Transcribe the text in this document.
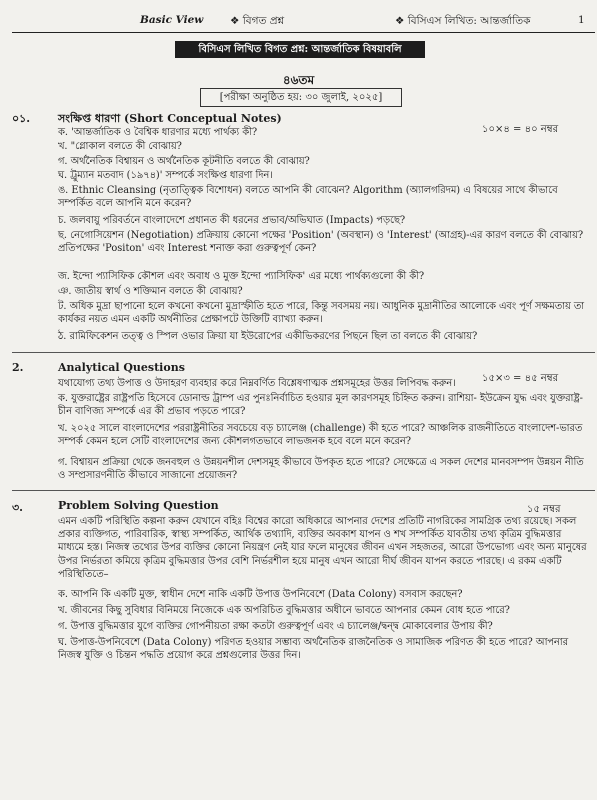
Basic View	❖ বিগত প্রশ্ন	❖ বিসিএস লিখিত: আন্তর্জাতিক	1
বিসিএস লিখিত বিগত প্রশ্ন: আন্তর্জাতিক বিষয়াবলি
৪৬তম
[পরীক্ষা অনুষ্ঠিত হয়: ৩০ জুলাই, ২০২৫]
০১.	সংক্ষিপ্ত ধারণা (Short Conceptual Notes)
১০×৪ = ৪০ নম্বর
ক. 'আন্তর্জাতিক ও বৈশ্বিক ধারণার মধ্যে পার্থক্য কী?
খ. "গ্লোকাল বলতে কী বোঝায়?
গ. অর্থনৈতিক বিশ্বায়ন ও অর্থনৈতিক কূটনীতি বলতে কী বোঝায়?
ঘ. ট্রুম্যান মতবাদ (১৯৭৪)' সম্পর্কে সংক্ষিপ্ত ধারণা দিন।
ঙ. Ethnic Cleansing (নৃতাত্ত্বিক বিশোধন) বলতে আপনি কী বোঝেন? Algorithm (অ্যালগরিদম) এ বিষয়ের সাথে কীভাবে সম্পর্কিত বলে আপনি মনে করেন?
চ. জলবায়ু পরিবর্তনে বাংলাদেশে প্রধানত কী ধরনের প্রভাব/অভিঘাত (Impacts) পড়ছে?
ছ. নেগোসিয়েশন (Negotiation) প্রক্রিয়ায় কোনো পক্ষের 'Position' (অবস্থান) ও 'Interest' (আগ্রহ)-এর কারণ বলতে কী বোঝায়? প্রতিপক্ষের 'Positon' এবং Interest শনাক্ত করা গুরুত্বপূর্ণ কেন?
জ. ইন্দো প্যাসিফিক কৌশল এবং অবাধ ও মুক্ত ইন্দো প্যাসিফিক' এর মধ্যে পার্থক্যগুলো কী কী?
ঞ. জাতীয় স্বার্থ ও শক্তিমান বলতে কী বোঝায়?
ট. অধিক মুদ্রা ছাপানো হলে কখনো কখনো মুদ্রাস্ফীতি হতে পারে, কিন্তু সবসময় নয়। আধুনিক মুদ্রানীতির আলোকে এবং পূর্ণ সক্ষমতায় তা কার্যকর নয়ত এমন একটি অর্থনীতির প্রেক্ষাপটে উক্তিটি ব্যাখ্যা করুন।
ঠ. রামিফিকেশন তত্ত্ব ও স্পিল ওভার ক্রিয়া যা ইউরোপের একীভিকরণের পিছনে ছিল তা বলতে কী বোঝায়?
2.	Analytical Questions
১৫×৩ = ৪৫ নম্বর
যথাযোগ্য তথ্য উপাত্ত ও উদাহরণ ব্যবহার করে নিম্নবর্ণিত বিশ্লেষণাত্মক প্রশ্নসমূহের উত্তর লিপিবদ্ধ করুন।
ক. যুক্তরাষ্ট্রের রাষ্ট্রপতি হিসেবে ডোনাল্ড ট্রাম্প এর পুনঃনির্বাচিত হওয়ার মূল কারণসমূহ চিহ্নিত করুন। রাশিয়া- ইউক্রেন যুদ্ধ এবং যুক্তরাষ্ট্র-চীন বাণিজ্য সম্পর্কে এর কী প্রভাব পড়তে পারে?
খ. ২০২৫ সালে বাংলাদেশের পররাষ্ট্রনীতির সবচেয়ে বড় চ্যালেঞ্জ (challenge) কী হতে পারে? আঞ্চলিক রাজনীতিতে বাংলাদেশ-ভারত সম্পর্ক কেমন হলে সেটি বাংলাদেশের জন্য কৌশলগতভাবে লাভজনক হবে বলে মনে করেন?
গ. বিশ্বায়ন প্রক্রিয়া থেকে জনবহুল ও উন্নয়নশীল দেশসমূহ কীভাবে উপকৃত হতে পারে? সেক্ষেত্রে এ সকল দেশের মানবসম্পদ উন্নয়ন নীতি ও সম্প্রসারণনীতি কীভাবে সাজানো প্রয়োজন?
৩.	Problem Solving Question	১৫ নম্বর
এমন একটি পরিস্থিতি কল্পনা করুন যেখানে বহিঃ বিশ্বের কারো অধিকারে আপনার দেশের প্রতিটি নাগরিকের সামগ্রিক তথ্য রয়েছে। সকল প্রকার ব্যক্তিগত, পারিবারিক, স্বাস্থ্য সম্পর্কিত, আর্থিক তথ্যাদি, ব্যক্তির অবকাশ যাপন ও শখ সম্পর্কিত যাবতীয় তথ্য কৃত্রিম বুদ্ধিমত্তার মাধ্যমে হস্ত। নিজস্ব তথ্যের উপর ব্যক্তির কোনো নিয়ন্ত্রণ নেই যার ফলে মানুষের জীবন এখন সহজতর, আরো উপভোগ্য এবং অন্য মানুষের উপর নির্ভরতা কমিয়ে কৃত্রিম বুদ্ধিমত্তার উপর বেশি নির্ভরশীল হয়ে মানুষ এখন আরো দীর্ঘ জীবন যাপন করতে পারছে। এ রকম একটি পরিস্থিতিতে–
ক. আপনি কি একটি মুক্ত, স্বাধীন দেশে নাকি একটি উপাত্ত উপনিবেশে (Data Colony) বসবাস করছেন?
খ. জীবনের কিছু সুবিধার বিনিময়ে নিজেকে এক অপরিচিত বুদ্ধিমত্তার অধীনে ভাবতে আপনার কেমন বোধ হতে পারে?
গ. উপাত্ত বুদ্ধিমত্তার যুগে ব্যক্তির গোপনীয়তা রক্ষা কতটা গুরুত্বপূর্ণ এবং এ চ্যালেঞ্জ/দ্বন্দ্ব মোকাবেলার উপায় কী?
ঘ. উপাত্ত-উপনিবেশে (Data Colony) পরিণত হওয়ার সম্ভাব্য অর্থনৈতিক রাজনৈতিক ও সামাজিক পরিণত কী হতে পারে? আপনার নিজস্ব যুক্তি ও চিন্তন পদ্ধতি প্রয়োগ করে প্রশ্নগুলোর উত্তর দিন।
